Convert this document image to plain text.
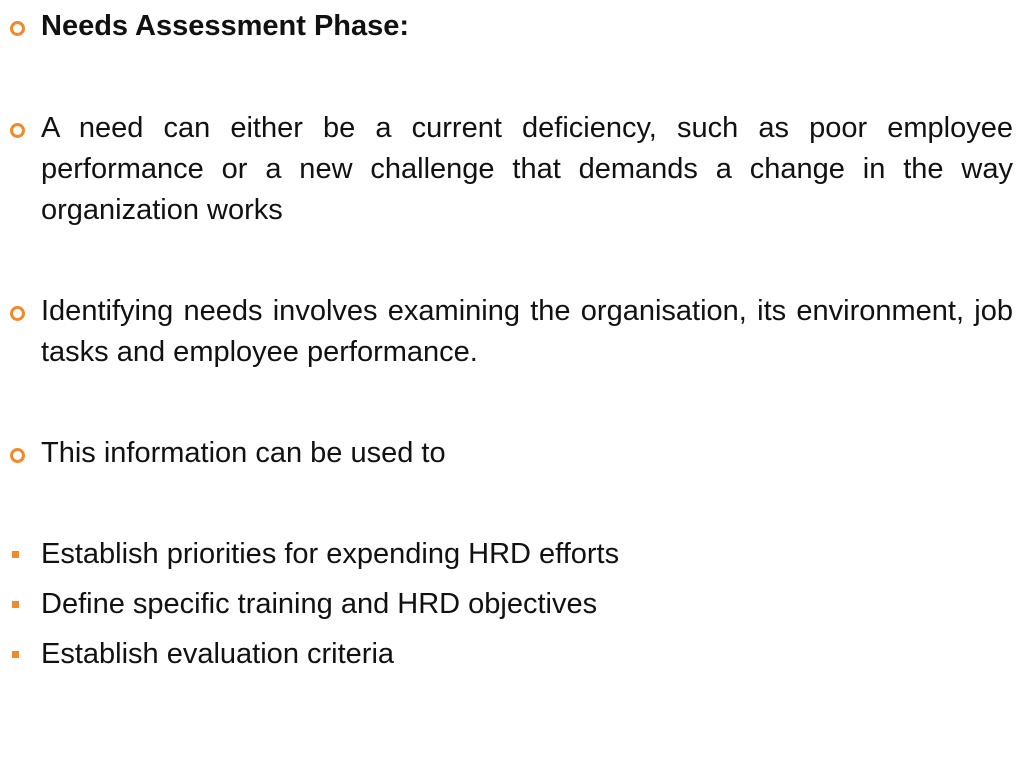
Needs Assessment Phase:
A need can either be a current deficiency, such as poor employee performance or a new challenge that demands a change in the way organization works
Identifying needs involves examining the organisation, its environment, job tasks and employee performance.
This information can be used to
Establish priorities for expending HRD efforts
Define specific training and HRD objectives
Establish evaluation criteria
